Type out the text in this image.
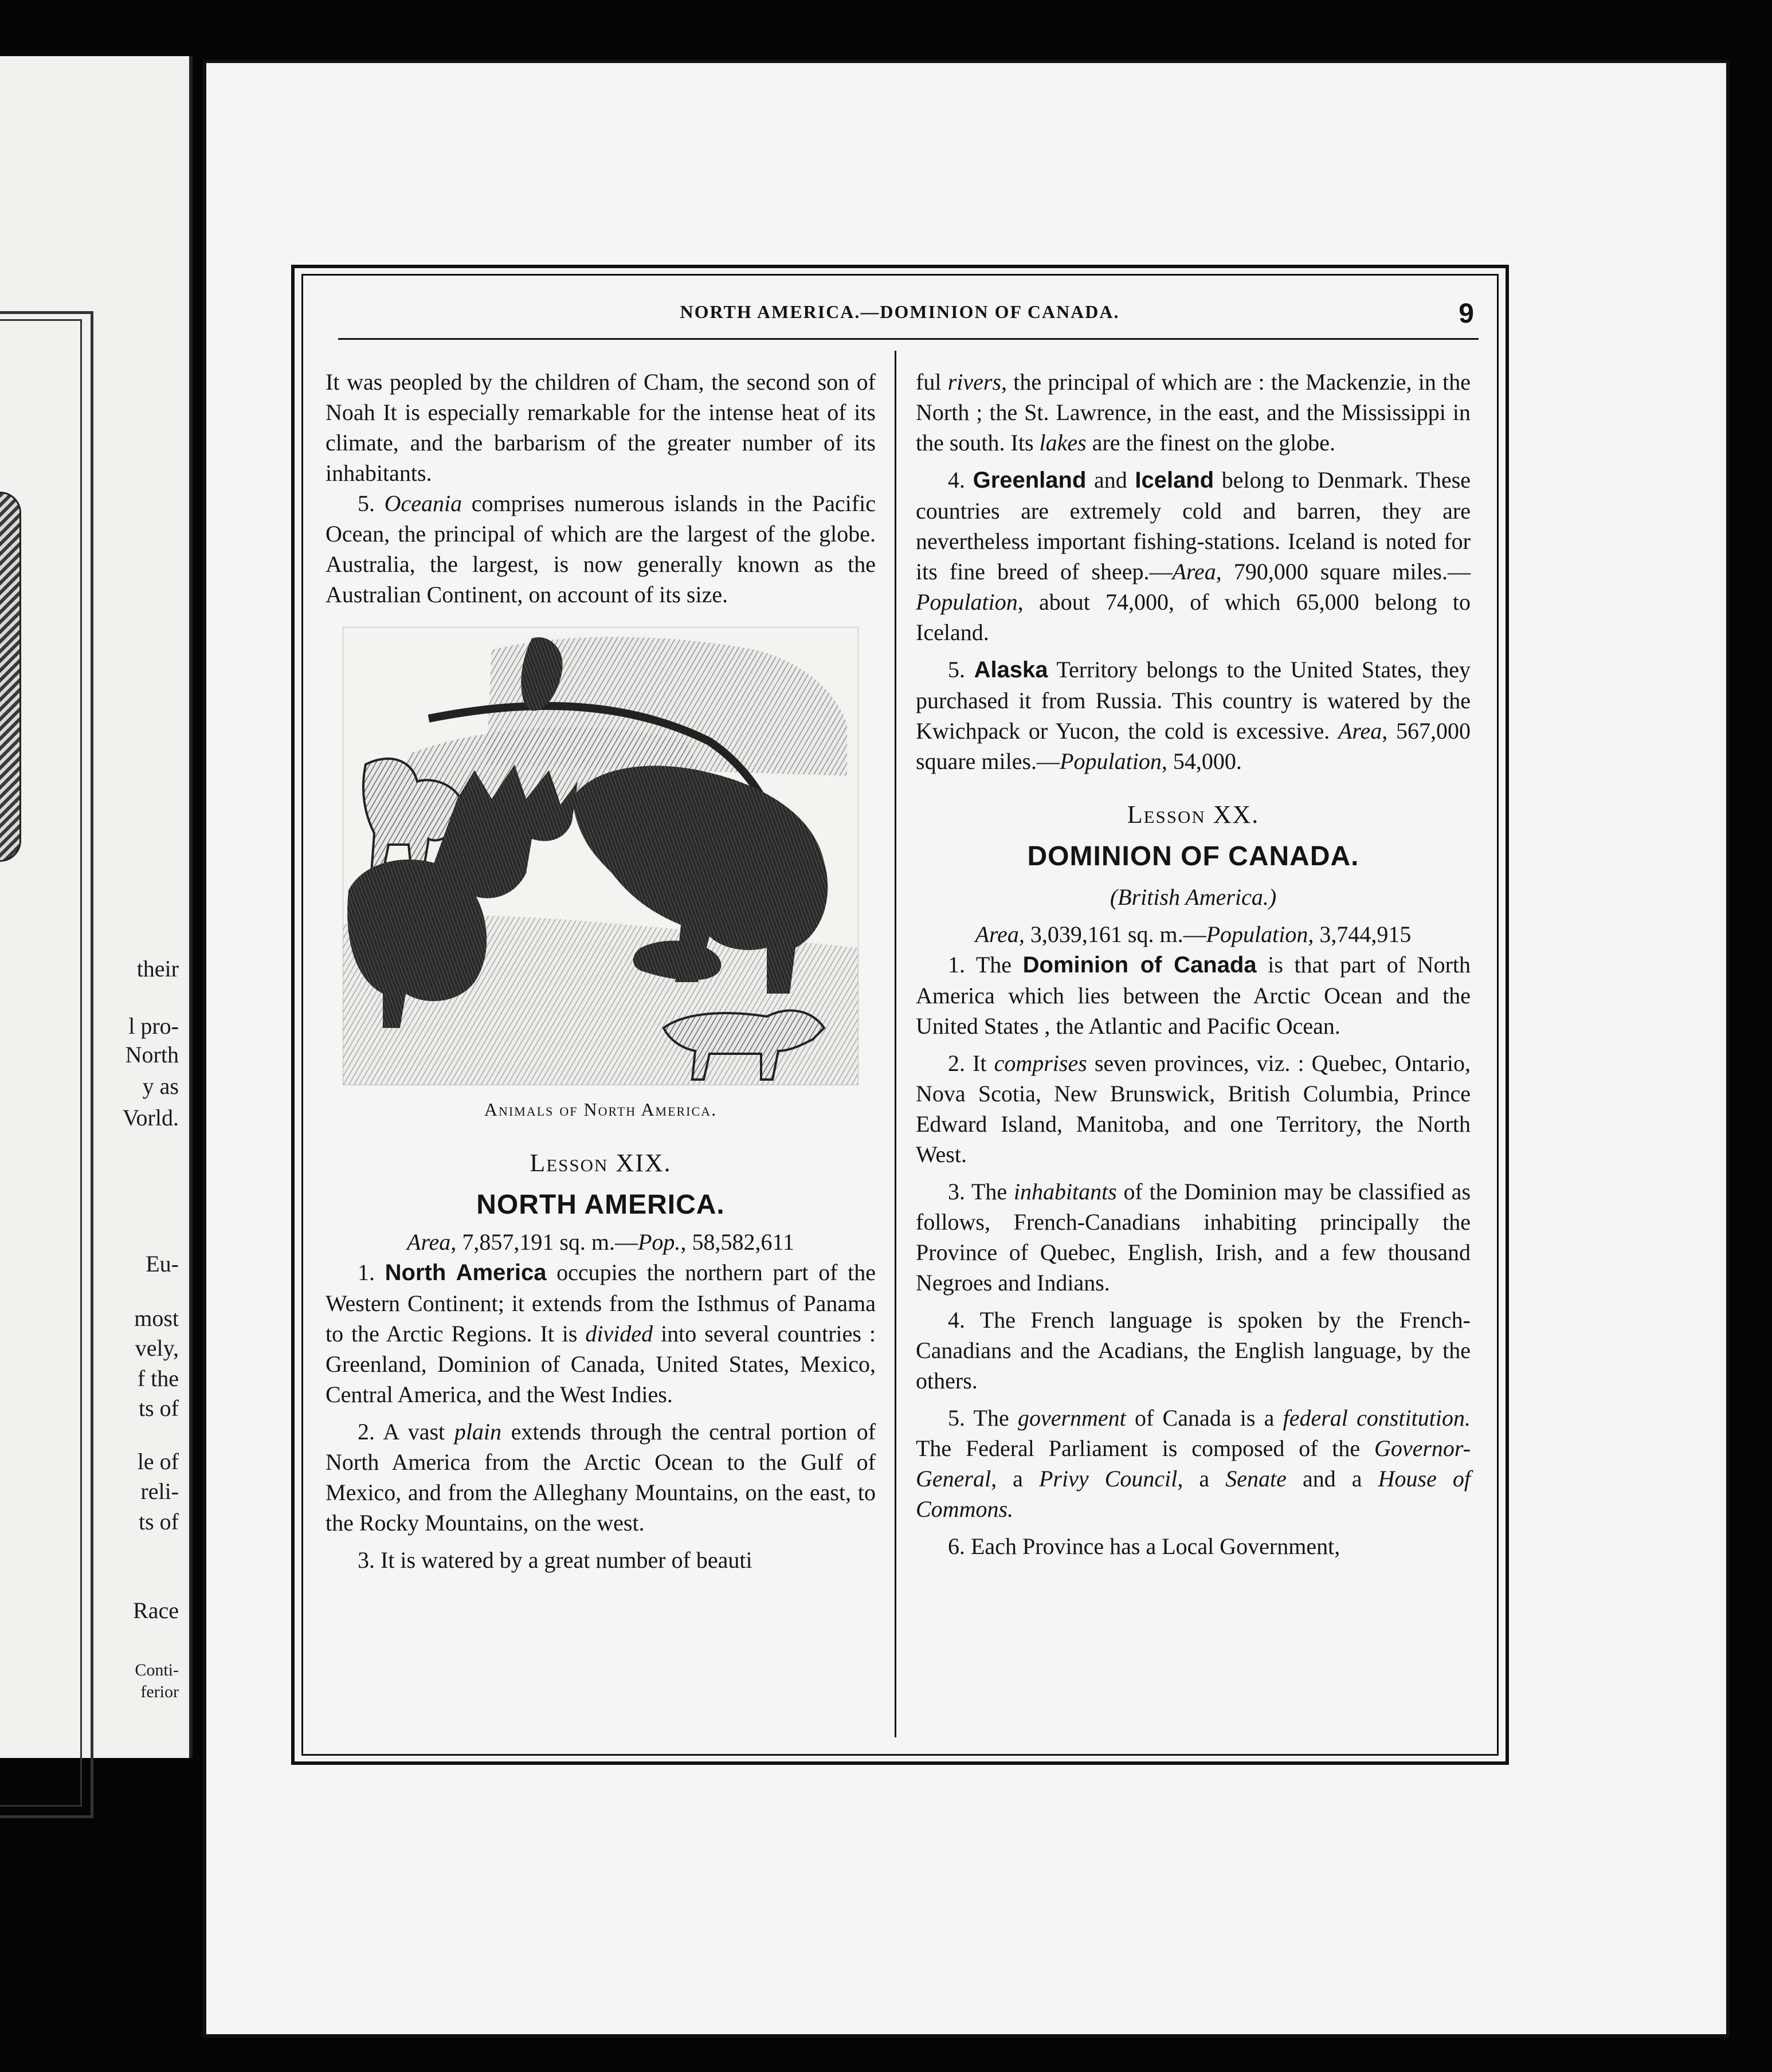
their
l pro-
North
y as
Vorld.
Eu-
most
vely,
f the
ts of
le of
reli-
ts of
Race
Conti-
ferior
NORTH AMERICA.—DOMINION OF CANADA.	9

It was peopled by the children of Cham, the second son of Noah It is especially remarkable for the intense heat of its climate, and the barbarism of the greater number of its inhabitants.

5. Oceania comprises numerous islands in the Pacific Ocean, the principal of which are the largest of the globe. Australia, the largest, is now generally known as the Australian Continent, on account of its size.

Animals of North America.
Lesson XIX.
NORTH AMERICA.
Area, 7,857,191 sq. m.—Pop., 58,582,611

1. North America occupies the northern part of the Western Continent; it extends from the Isthmus of Panama to the Arctic Regions. It is divided into several countries : Greenland, Dominion of Canada, United States, Mexico, Central America, and the West Indies.

2. A vast plain extends through the central portion of North America from the Arctic Ocean to the Gulf of Mexico, and from the Alleghany Mountains, on the east, to the Rocky Mountains, on the west.

3. It is watered by a great number of beauti

ful rivers, the principal of which are : the Mackenzie, in the North ; the St. Lawrence, in the east, and the Mississippi in the south. Its lakes are the finest on the globe.

4. Greenland and Iceland belong to Denmark. These countries are extremely cold and barren, they are nevertheless important fishing-stations. Iceland is noted for its fine breed of sheep.—Area, 790,000 square miles.—Population, about 74,000, of which 65,000 belong to Iceland.

5. Alaska Territory belongs to the United States, they purchased it from Russia. This country is watered by the Kwichpack or Yucon, the cold is excessive. Area, 567,000 square miles.—Population, 54,000.

Lesson XX.
DOMINION OF CANADA.
(British America.)
Area, 3,039,161 sq. m.—Population, 3,744,915

1. The Dominion of Canada is that part of North America which lies between the Arctic Ocean and the United States , the Atlantic and Pacific Ocean.

2. It comprises seven provinces, viz. : Quebec, Ontario, Nova Scotia, New Brunswick, British Columbia, Prince Edward Island, Manitoba, and one Territory, the North West.

3. The inhabitants of the Dominion may be classified as follows, French-Canadians inhabiting principally the Province of Quebec, English, Irish, and a few thousand Negroes and Indians.

4. The French language is spoken by the French-Canadians and the Acadians, the English language, by the others.

5. The government of Canada is a federal constitution. The Federal Parliament is composed of the Governor-General, a Privy Council, a Senate and a House of Commons.

6. Each Province has a Local Government,
